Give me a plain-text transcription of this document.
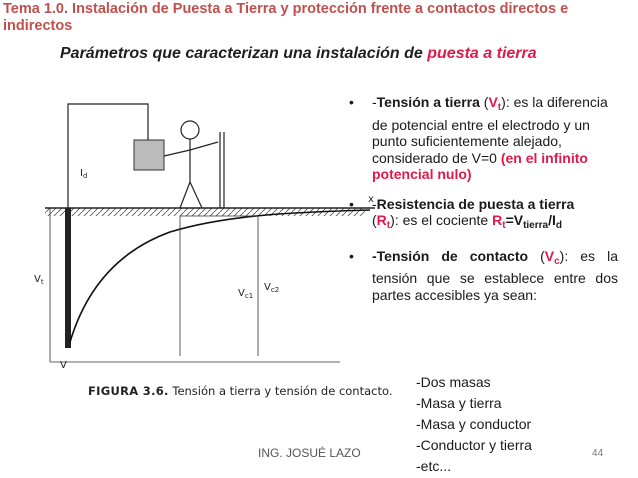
Tema 1.0. Instalación de Puesta a Tierra y protección frente a contactos directos e indirectos
Parámetros que caracterizan una instalación de puesta a tierra
$I_d$
$V_t$
V
$V_{c1}$
$V_{c2}$
x
FIGURA 3.6. Tensión a tierra y tensión de contacto.
• -Tensión a tierra $(V_t)$: es la diferencia de potencial entre el electrodo y un punto suficientemente alejado, considerado de V=0 (en el infinito potencial nulo)
• -Resistencia de puesta a tierra
$(R_t)$: es el cociente $R_t=V_{tierra}/I_d$
• -Tensión de contacto $(V_c)$: es la tensión que se establece entre dos partes accesibles ya sean:
-Dos masas
-Masa y tierra
-Masa y conductor
-Conductor y tierra
-etc...
ING. JOSUÉ LAZO	44
